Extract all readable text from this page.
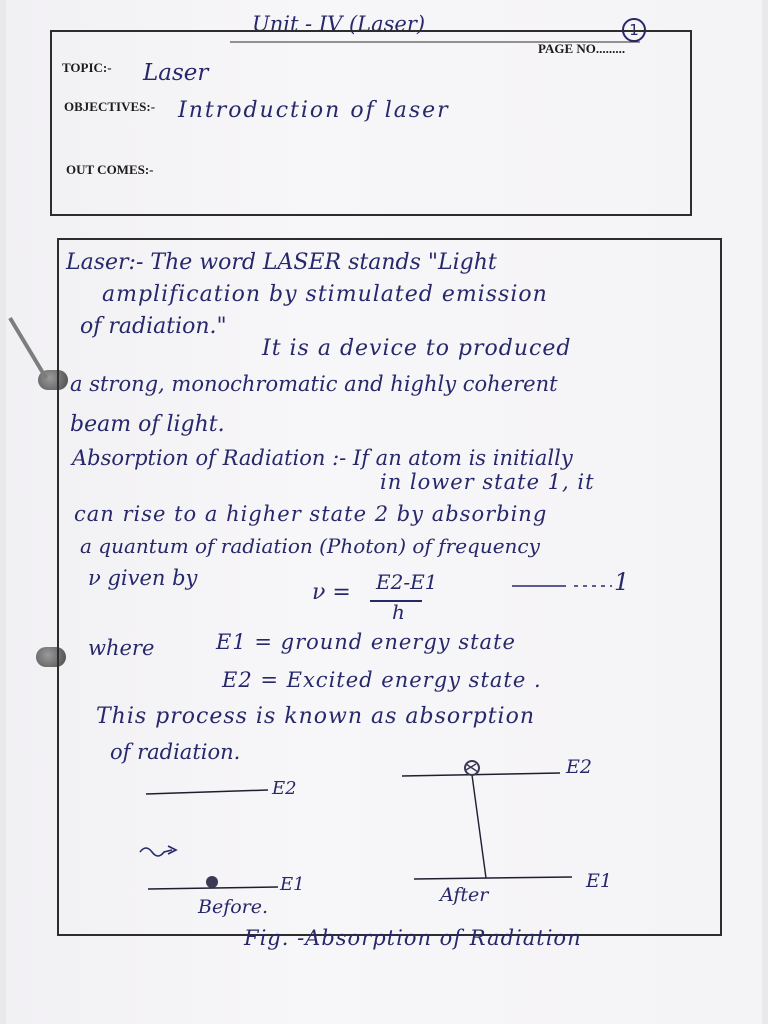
Unit - IV (Laser)	1
PAGE NO.........
TOPIC:- Laser
OBJECTIVES:- Introduction of laser
OUT COMES:-
Laser:- The word LASER stands "Light
amplification by stimulated emission
of radiation."
It is a device to produced
a strong, monochromatic and highly coherent
beam of light.
Absorption of Radiation :- If an atom is initially
in lower state 1, it
can rise to a higher state 2 by absorbing
a quantum of radiation (Photon) of frequency
ν given by
ν = E2-E1
h
1
where	E1 = ground energy state
E2 = Excited energy state .
This process is known as absorption
of radiation.
E2
E1
Before.
E2
E1
After
Fig. -Absorption of Radiation
